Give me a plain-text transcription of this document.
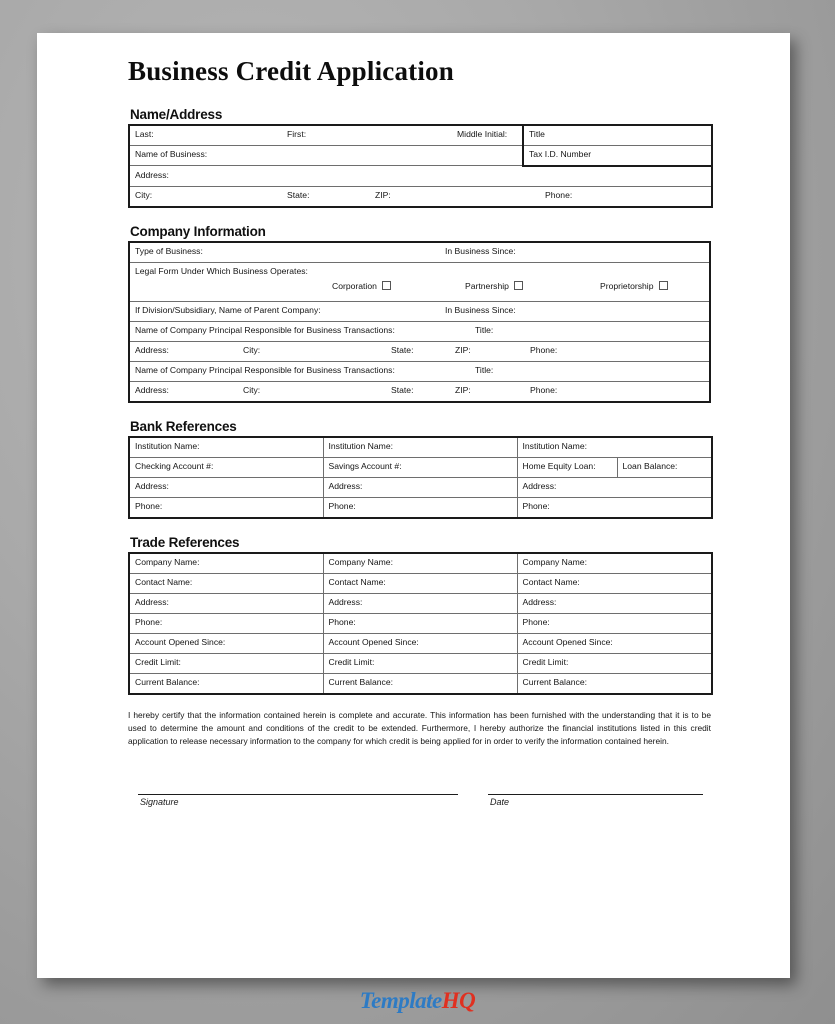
Business Credit Application
Name/Address
Last: First: Middle Initial:	Title
Name of Business:	Tax I.D. Number
Address:	

City: State: ZIP: Phone:	
Company Information
Type of Business:	In Business Since:

Legal Form Under Which Business Operates:
Corporation	Partnership	Proprietorship

If Division/Subsidiary, Name of Parent Company:	In Business Since:

Name of Company Principal Responsible for Business Transactions:	Title:

Address:	City:	State:	ZIP:	Phone:

Name of Company Principal Responsible for Business Transactions:	Title:

Address:	City:	State:	ZIP:	Phone:
Bank References
Institution Name:	Institution Name:	Institution Name:	
Checking Account #:	Savings Account #:	Home Equity Loan:	Loan Balance:
Address:	Address:	Address:	
Phone:	Phone:	Phone:	
Trade References
Company Name:	Company Name:	Company Name:
Contact Name:	Contact Name:	Contact Name:
Address:	Address:	Address:
Phone:	Phone:	Phone:
Account Opened Since:	Account Opened Since:	Account Opened Since:
Credit Limit:	Credit Limit:	Credit Limit:
Current Balance:	Current Balance:	Current Balance:

I hereby certify that the information contained herein is complete and accurate. This information has been furnished with the understanding that it is to be used to determine the amount and conditions of the credit to be extended. Furthermore, I hereby authorize the financial institutions listed in this credit application to release necessary information to the company for which credit is being applied for in order to verify the information contained herein.

Signature	Date
TemplateHQ
